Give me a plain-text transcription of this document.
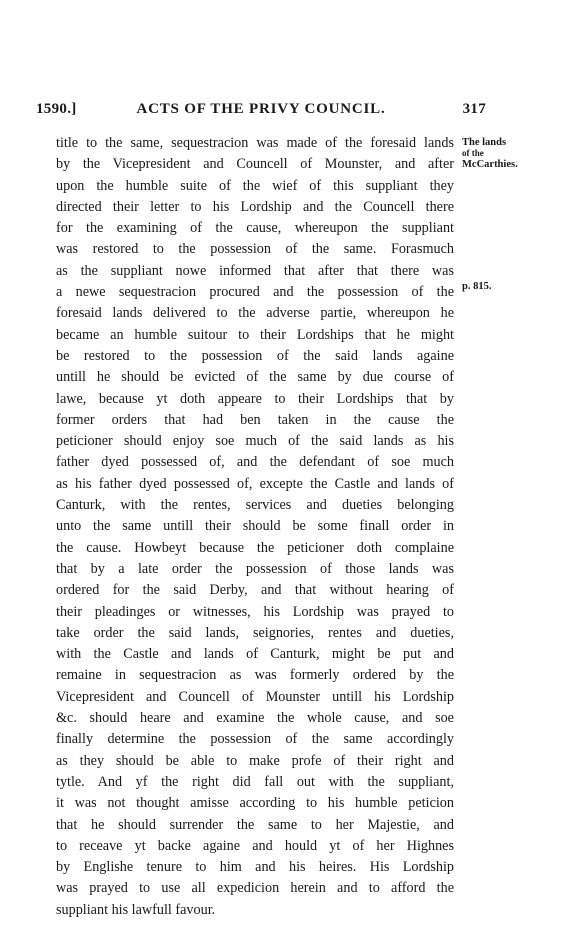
1590.]	ACTS OF THE PRIVY COUNCIL.	317
The lands
of the
McCarthies.
p. 815.
title to the same, sequestracion was made of the foresaid lands
by the Vicepresident and Councell of Mounster, and after
upon the humble suite of the wief of this suppliant they
directed their letter to his Lordship and the Councell there
for the examining of the cause, whereupon the suppliant
was restored to the possession of the same. Forasmuch
as the suppliant nowe informed that after that there was
a newe sequestracion procured and the possession of the
foresaid lands delivered to the adverse partie, whereupon he
became an humble suitour to their Lordships that he might
be restored to the possession of the said lands againe
untill he should be evicted of the same by due course of
lawe, because yt doth appeare to their Lordships that by
former orders that had ben taken in the cause the
peticioner should enjoy soe much of the said lands as his
father dyed possessed of, and the defendant of soe much
as his father dyed possessed of, excepte the Castle and lands of
Canturk, with the rentes, services and dueties belonging
unto the same untill their should be some finall order in
the cause. Howbeyt because the peticioner doth complaine
that by a late order the possession of those lands was
ordered for the said Derby, and that without hearing of
their pleadinges or witnesses, his Lordship was prayed to
take order the said lands, seignories, rentes and dueties,
with the Castle and lands of Canturk, might be put and
remaine in sequestracion as was formerly ordered by the
Vicepresident and Councell of Mounster untill his Lordship
&c. should heare and examine the whole cause, and soe
finally determine the possession of the same accordingly
as they should be able to make profe of their right and
tytle. And yf the right did fall out with the suppliant,
it was not thought amisse according to his humble peticion
that he should surrender the same to her Majestie, and
to receave yt backe againe and hould yt of her Highnes
by Englishe tenure to him and his heires. His Lordship
was prayed to use all expedicion herein and to afford the
suppliant his lawfull favour.
